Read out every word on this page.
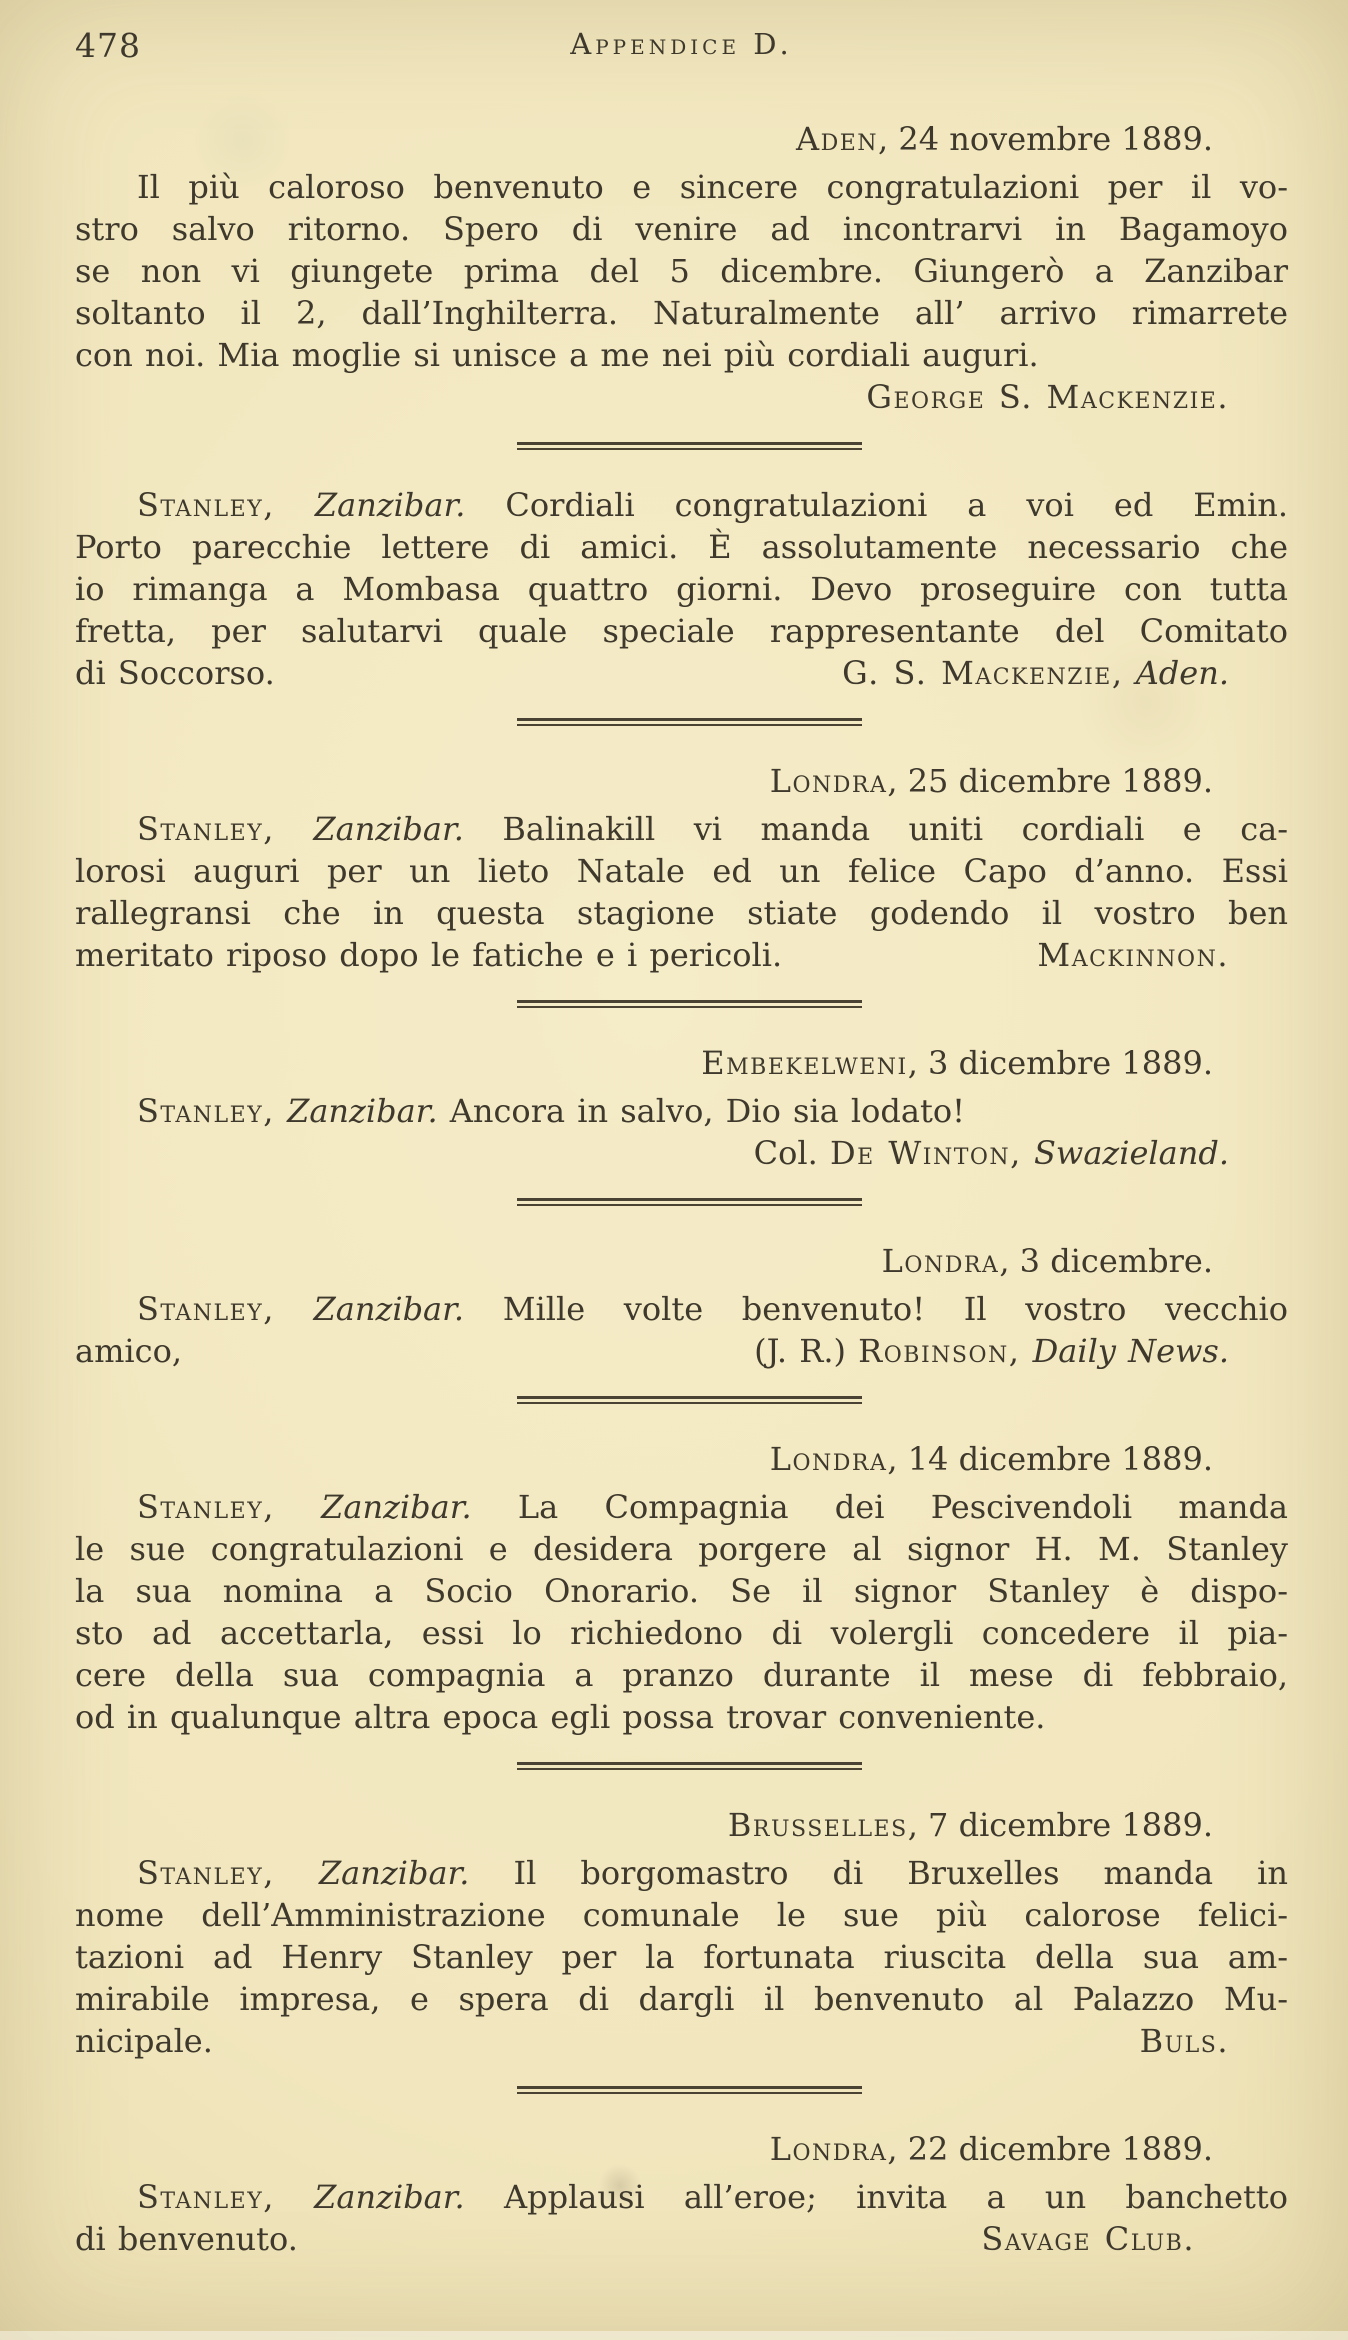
478	Appendice D.
Aden, 24 novembre 1889.
Il più caloroso benvenuto e sincere congratulazioni per il vo-
stro salvo ritorno. Spero di venire ad incontrarvi in Bagamoyo
se non vi giungete prima del 5 dicembre. Giungerò a Zanzibar
soltanto il 2, dall’Inghilterra. Naturalmente all’ arrivo rimarrete
con noi. Mia moglie si unisce a me nei più cordiali auguri.
George S. Mackenzie.
Stanley, Zanzibar. Cordiali congratulazioni a voi ed Emin.
Porto parecchie lettere di amici. È assolutamente necessario che
io rimanga a Mombasa quattro giorni. Devo proseguire con tutta
fretta, per salutarvi quale speciale rappresentante del Comitato
di Soccorso.	G. S. Mackenzie, Aden.
Londra, 25 dicembre 1889.
Stanley, Zanzibar. Balinakill vi manda uniti cordiali e ca-
lorosi auguri per un lieto Natale ed un felice Capo d’anno. Essi
rallegransi che in questa stagione stiate godendo il vostro ben
meritato riposo dopo le fatiche e i pericoli.	Mackinnon.
Embekelweni, 3 dicembre 1889.
Stanley, Zanzibar. Ancora in salvo, Dio sia lodato!
Col. De Winton, Swazieland.
Londra, 3 dicembre.
Stanley, Zanzibar. Mille volte benvenuto! Il vostro vecchio
amico,	(J. R.) Robinson, Daily News.
Londra, 14 dicembre 1889.
Stanley, Zanzibar. La Compagnia dei Pescivendoli manda
le sue congratulazioni e desidera porgere al signor H. M. Stanley
la sua nomina a Socio Onorario. Se il signor Stanley è dispo-
sto ad accettarla, essi lo richiedono di volergli concedere il pia-
cere della sua compagnia a pranzo durante il mese di febbraio,
od in qualunque altra epoca egli possa trovar conveniente.
Brusselles, 7 dicembre 1889.
Stanley, Zanzibar. Il borgomastro di Bruxelles manda in
nome dell’Amministrazione comunale le sue più calorose felici-
tazioni ad Henry Stanley per la fortunata riuscita della sua am-
mirabile impresa, e spera di dargli il benvenuto al Palazzo Mu-
nicipale.	Buls.
Londra, 22 dicembre 1889.
Stanley, Zanzibar. Applausi all’eroe; invita a un banchetto
di benvenuto.	Savage Club.
